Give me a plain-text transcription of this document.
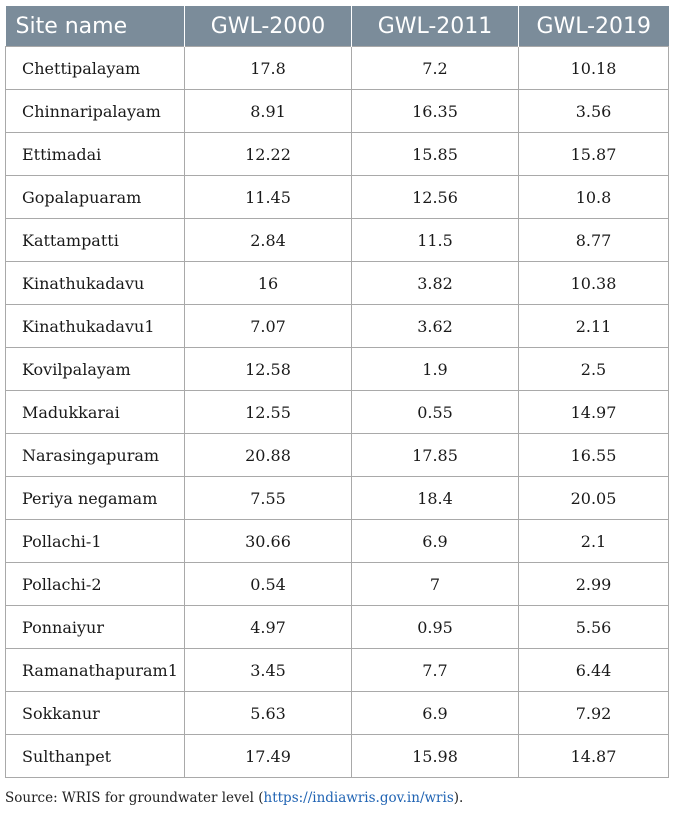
Site name	GWL-2000	GWL-2011	GWL-2019
Chettipalayam	17.8	7.2	10.18
Chinnaripalayam	8.91	16.35	3.56
Ettimadai	12.22	15.85	15.87
Gopalapuaram	11.45	12.56	10.8
Kattampatti	2.84	11.5	8.77
Kinathukadavu	16	3.82	10.38
Kinathukadavu1	7.07	3.62	2.11
Kovilpalayam	12.58	1.9	2.5
Madukkarai	12.55	0.55	14.97
Narasingapuram	20.88	17.85	16.55
Periya negamam	7.55	18.4	20.05
Pollachi-1	30.66	6.9	2.1
Pollachi-2	0.54	7	2.99
Ponnaiyur	4.97	0.95	5.56
Ramanathapuram1	3.45	7.7	6.44
Sokkanur	5.63	6.9	7.92
Sulthanpet	17.49	15.98	14.87
Source: WRIS for groundwater level (https://indiawris.gov.in/wris).
